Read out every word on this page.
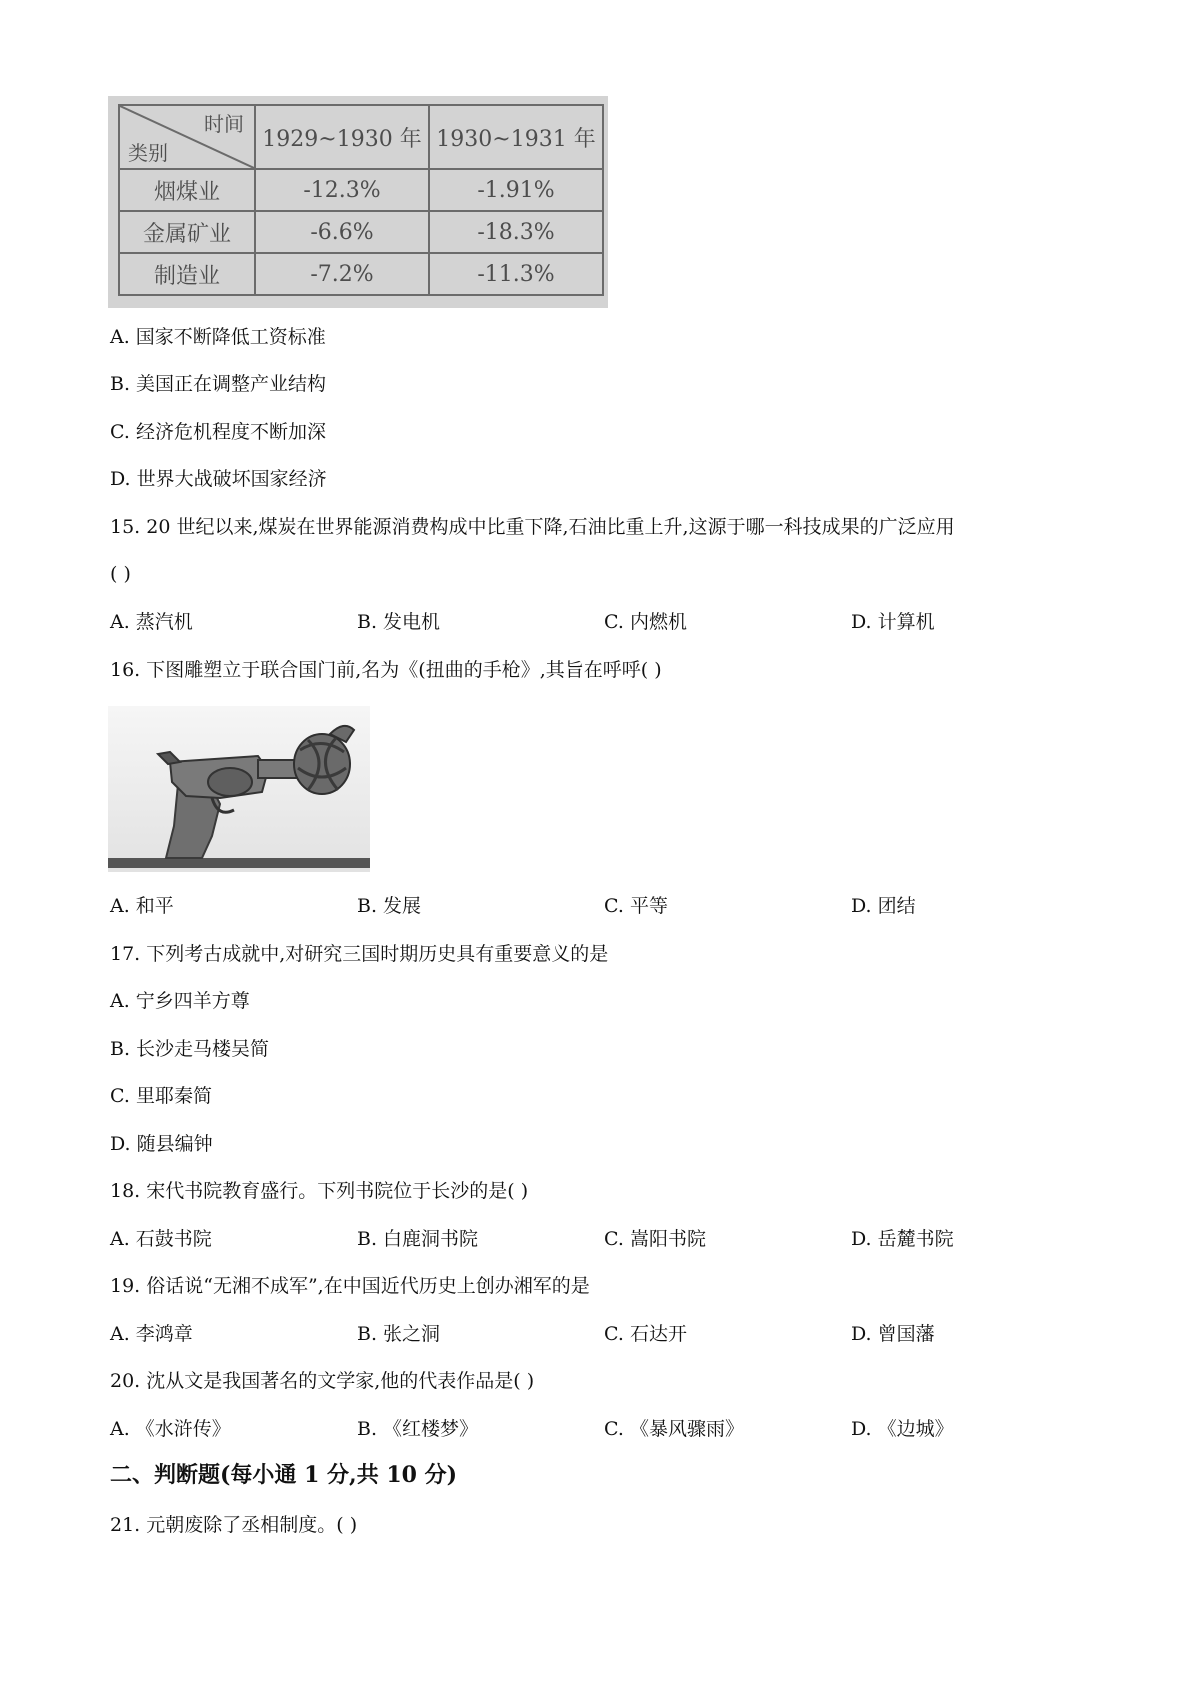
时间
类别	1929~1930 年	1930~1931 年
烟煤业	-12.3%	-1.91%
金属矿业	-6.6%	-18.3%
制造业	-7.2%	-11.3%
A. 国家不断降低工资标准
B. 美国正在调整产业结构
C. 经济危机程度不断加深
D. 世界大战破坏国家经济
15. 20 世纪以来,煤炭在世界能源消费构成中比重下降,石油比重上升,这源于哪一科技成果的广泛应用
( )
A. 蒸汽机	B. 发电机	C. 内燃机	D. 计算机
16. 下图雕塑立于联合国门前,名为《(扭曲的手枪》,其旨在呼呼( )
A. 和平	B. 发展	C. 平等	D. 团结
17. 下列考古成就中,对研究三国时期历史具有重要意义的是
A. 宁乡四羊方尊
B. 长沙走马楼吴简
C. 里耶秦简
D. 随县编钟
18. 宋代书院教育盛行。下列书院位于长沙的是( )
A. 石鼓书院	B. 白鹿洞书院	C. 嵩阳书院	D. 岳麓书院
19. 俗话说“无湘不成军”,在中国近代历史上创办湘军的是
A. 李鸿章	B. 张之洞	C. 石达开	D. 曾国藩
20. 沈从文是我国著名的文学家,他的代表作品是( )
A. 《水浒传》	B. 《红楼梦》	C. 《暴风骤雨》	D. 《边城》
二、判断题(每小通 1 分,共 10 分)
21. 元朝废除了丞相制度。( )
